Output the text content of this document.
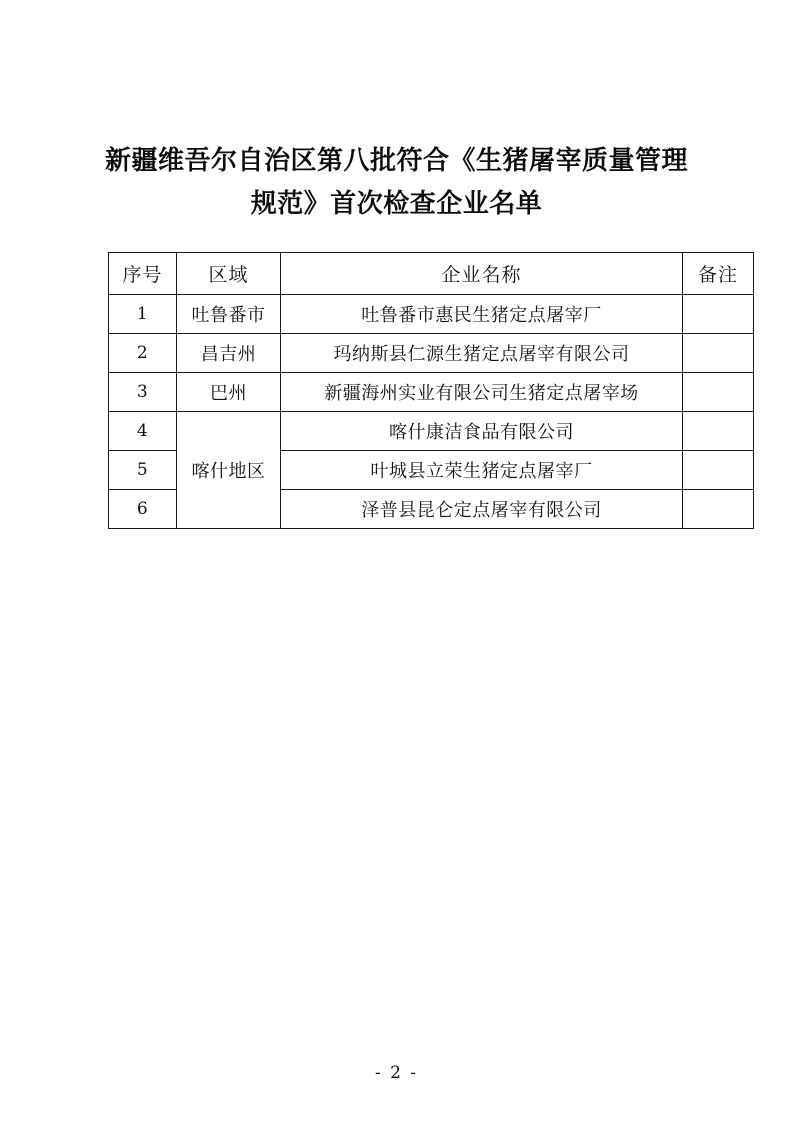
新疆维吾尔自治区第八批符合《生猪屠宰质量管理规范》首次检查企业名单
序号	区域	企业名称	备注
1	吐鲁番市	吐鲁番市惠民生猪定点屠宰厂	
2	昌吉州	玛纳斯县仁源生猪定点屠宰有限公司	
3	巴州	新疆海州实业有限公司生猪定点屠宰场	
4	喀什地区	喀什康洁食品有限公司	
5		叶城县立荣生猪定点屠宰厂	
6		泽普县昆仑定点屠宰有限公司	
- 2 -
